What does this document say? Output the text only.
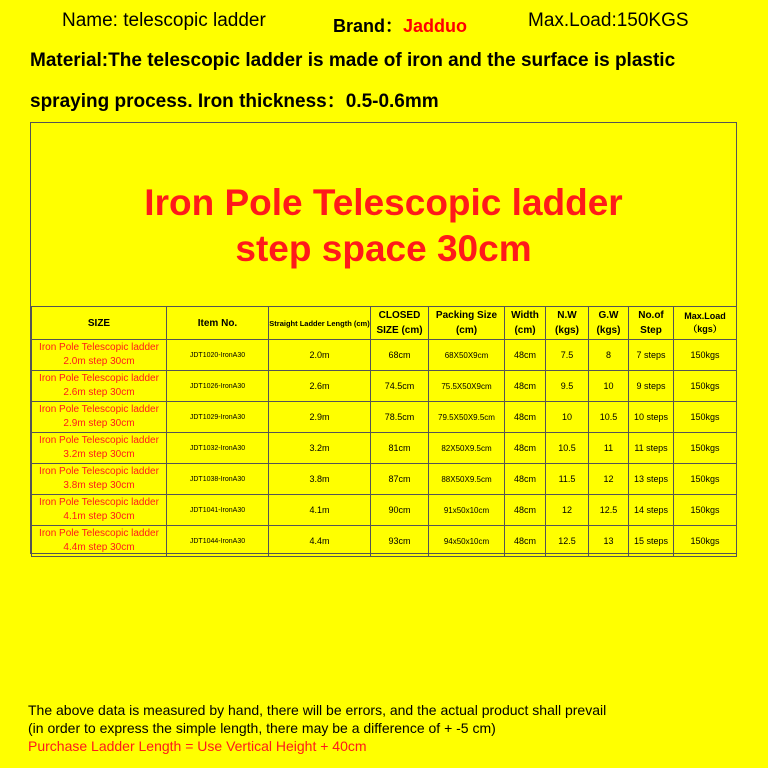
Name: telescopic ladder	Brand：Jadduo	Max.Load:150KGS
Material:The telescopic ladder is made of iron and the surface is plastic
spraying process. Iron thickness：0.5-0.6mm
Iron Pole Telescopic ladder
step space 30cm
SIZE	Item No.	Straight Ladder Length (cm)	CLOSED SIZE (cm)	Packing Size (cm)	Width (cm)	N.W (kgs)	G.W (kgs)	No.of Step	Max.Load（kgs）
Iron Pole Telescopic ladder 2.0m step 30cm	JDT1020-IronA30	2.0m	68cm	68X50X9cm	48cm	7.5	8	7 steps	150kgs
Iron Pole Telescopic ladder 2.6m step 30cm	JDT1026-IronA30	2.6m	74.5cm	75.5X50X9cm	48cm	9.5	10	9 steps	150kgs
Iron Pole Telescopic ladder 2.9m step 30cm	JDT1029-IronA30	2.9m	78.5cm	79.5X50X9.5cm	48cm	10	10.5	10 steps	150kgs
Iron Pole Telescopic ladder 3.2m step 30cm	JDT1032-IronA30	3.2m	81cm	82X50X9.5cm	48cm	10.5	11	11 steps	150kgs
Iron Pole Telescopic ladder 3.8m step 30cm	JDT1038-IronA30	3.8m	87cm	88X50X9.5cm	48cm	11.5	12	13 steps	150kgs
Iron Pole Telescopic ladder 4.1m step 30cm	JDT1041-IronA30	4.1m	90cm	91x50x10cm	48cm	12	12.5	14 steps	150kgs
Iron Pole Telescopic ladder 4.4m step 30cm	JDT1044-IronA30	4.4m	93cm	94x50x10cm	48cm	12.5	13	15 steps	150kgs
The above data is measured by hand, there will be errors, and the actual product shall prevail
(in order to express the simple length, there may be a difference of + -5 cm)
Purchase Ladder Length = Use Vertical Height + 40cm
